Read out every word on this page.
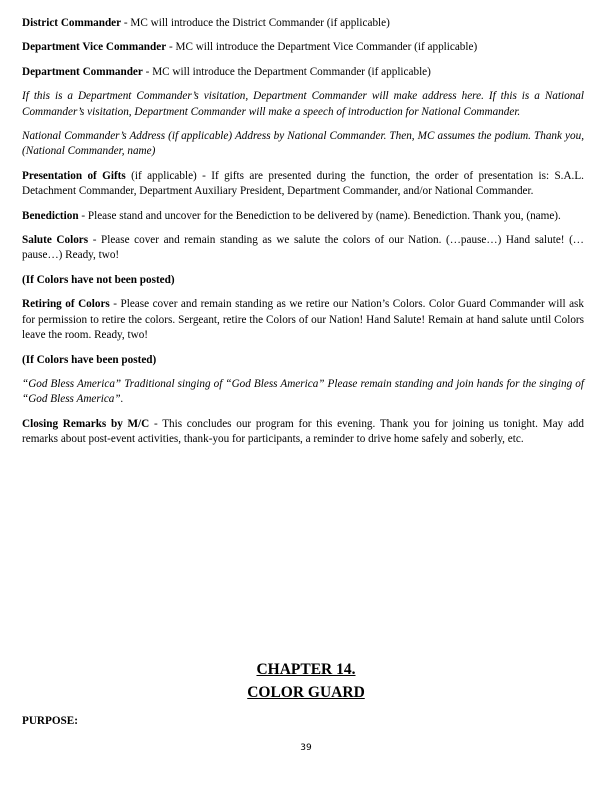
District Commander - MC will introduce the District Commander (if applicable)

Department Vice Commander - MC will introduce the Department Vice Commander (if applicable)

Department Commander - MC will introduce the Department Commander (if applicable)

If this is a Department Commander’s visitation, Department Commander will make address here. If this is a National Commander’s visitation, Department Commander will make a speech of introduction for National Commander.

National Commander’s Address (if applicable) Address by National Commander. Then, MC assumes the podium. Thank you, (National Commander, name)

Presentation of Gifts (if applicable) - If gifts are presented during the function, the order of presentation is: S.A.L. Detachment Commander, Department Auxiliary President, Department Commander, and/or National Commander.

Benediction - Please stand and uncover for the Benediction to be delivered by (name). Benediction. Thank you, (name).

Salute Colors - Please cover and remain standing as we salute the colors of our Nation. (…pause…) Hand salute! (…pause…) Ready, two!

(If Colors have not been posted)

Retiring of Colors - Please cover and remain standing as we retire our Nation’s Colors. Color Guard Commander will ask for permission to retire the colors. Sergeant, retire the Colors of our Nation! Hand Salute! Remain at hand salute until Colors leave the room. Ready, two!

(If Colors have been posted)

“God Bless America” Traditional singing of “God Bless America” Please remain standing and join hands for the singing of “God Bless America”.

Closing Remarks by M/C - This concludes our program for this evening. Thank you for joining us tonight. May add remarks about post-event activities, thank-you for participants, a reminder to drive home safely and soberly, etc.

CHAPTER 14.
COLOR GUARD
PURPOSE:
39
